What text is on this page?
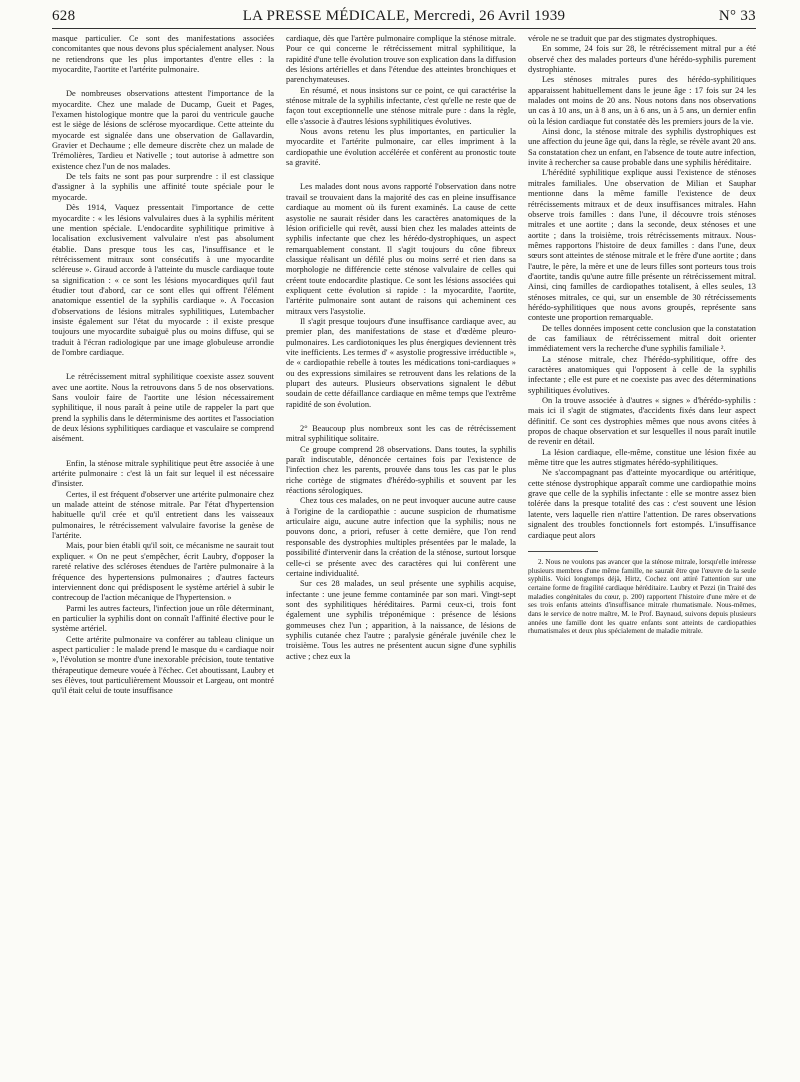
628	LA PRESSE MÉDICALE, Mercredi, 26 Avril 1939	N° 33

masque particulier. Ce sont des manifestations associées concomitantes que nous devons plus spécialement analyser. Nous ne retiendrons que les plus importantes d'entre elles : la myocardite, l'aortite et l'artérite pulmonaire.

De nombreuses observations attestent l'importance de la myocardite. Chez une malade de Ducamp, Gueit et Pages, l'examen histologique montre que la paroi du ventricule gauche est le siège de lésions de sclérose myocardique. Cette atteinte du myocarde est signalée dans une observation de Gallavardin, Gravier et Dechaume ; elle demeure discrète chez un malade de Trémolières, Tardieu et Nativelle ; tout autorise à admettre son existence chez l'un de nos malades.

De tels faits ne sont pas pour surprendre : il est classique d'assigner à la syphilis une affinité toute spéciale pour le myocarde.

Dès 1914, Vaquez pressentait l'importance de cette myocardite : « les lésions valvulaires dues à la syphilis méritent une mention spéciale. L'endocardite syphilitique primitive à localisation exclusivement valvulaire n'est pas absolument établie. Dans presque tous les cas, l'insuffisance et le rétrécissement mitraux sont consécutifs à une myocardite scléreuse ». Giraud accorde à l'atteinte du muscle cardiaque toute sa signification : « ce sont les lésions myocardiques qu'il faut étudier tout d'abord, car ce sont elles qui offrent l'élément anatomique essentiel de la syphilis cardiaque ». A l'occasion d'observations de lésions mitrales syphilitiques, Lutembacher insiste également sur l'état du myocarde : il existe presque toujours une myocardite subaiguë plus ou moins diffuse, qui se traduit à l'écran radiologique par une image globuleuse arrondie de l'ombre cardiaque.

Le rétrécissement mitral syphilitique coexiste assez souvent avec une aortite. Nous la retrouvons dans 5 de nos observations. Sans vouloir faire de l'aortite une lésion nécessairement syphilitique, il nous paraît à peine utile de rappeler la part que prend la syphilis dans le déterminisme des aortites et l'association de deux lésions syphilitiques cardiaque et vasculaire se comprend aisément.

Enfin, la sténose mitrale syphilitique peut être associée à une artérite pulmonaire : c'est là un fait sur lequel il est nécessaire d'insister.

Certes, il est fréquent d'observer une artérite pulmonaire chez un malade atteint de sténose mitrale. Par l'état d'hypertension habituelle qu'il crée et qu'il entretient dans les vaisseaux pulmonaires, le rétrécissement valvulaire favorise la genèse de l'artérite.

Mais, pour bien établi qu'il soit, ce mécanisme ne saurait tout expliquer. « On ne peut s'empêcher, écrit Laubry, d'opposer la rareté relative des scléroses étendues de l'artère pulmonaire à la fréquence des hypertensions pulmonaires ; d'autres facteurs interviennent donc qui prédisposent le système artériel à subir le contrecoup de l'action mécanique de l'hypertension. »

Parmi les autres facteurs, l'infection joue un rôle déterminant, en particulier la syphilis dont on connaît l'affinité élective pour le système artériel.

Cette artérite pulmonaire va conférer au tableau clinique un aspect particulier : le malade prend le masque du « cardiaque noir », l'évolution se montre d'une inexorable précision, toute tentative thérapeutique demeure vouée à l'échec. Cet aboutissant, Laubry et ses élèves, tout particulièrement Moussoir et Largeau, ont montré qu'il était celui de toute insuffisance

cardiaque, dès que l'artère pulmonaire complique la sténose mitrale. Pour ce qui concerne le rétrécissement mitral syphilitique, la rapidité d'une telle évolution trouve son explication dans la diffusion des lésions artérielles et dans l'étendue des atteintes bronchiques et parenchymateuses.

En résumé, et nous insistons sur ce point, ce qui caractérise la sténose mitrale de la syphilis infectante, c'est qu'elle ne reste que de façon tout exceptionnelle une sténose mitrale pure : dans la règle, elle s'associe à d'autres lésions syphilitiques évolutives.

Nous avons retenu les plus importantes, en particulier la myocardite et l'artérite pulmonaire, car elles impriment à la cardiopathie une évolution accélérée et confèrent au pronostic toute sa gravité.

Les malades dont nous avons rapporté l'observation dans notre travail se trouvaient dans la majorité des cas en pleine insuffisance cardiaque au moment où ils furent examinés. La cause de cette asystolie ne saurait résider dans les caractères anatomiques de la lésion orificielle qui revêt, aussi bien chez les malades atteints de syphilis infectante que chez les hérédo-dystrophiques, un aspect remarquablement constant. Il s'agit toujours du cône fibreux classique réalisant un défilé plus ou moins serré et rien dans sa morphologie ne différencie cette sténose valvulaire de celles qui créent toute endocardite plastique. Ce sont les lésions associées qui expliquent cette évolution si rapide : la myocardite, l'aortite, l'artérite pulmonaire sont autant de raisons qui acheminent ces mitraux vers l'asystolie.

Il s'agit presque toujours d'une insuffisance cardiaque avec, au premier plan, des manifestations de stase et d'œdème pleuro-pulmonaires. Les cardiotoniques les plus énergiques deviennent très vite inefficients. Les termes d' « asystolie progressive irréductible », de « cardiopathie rebelle à toutes les médications toni-cardiaques » ou des expressions similaires se retrouvent dans les relations de la plupart des auteurs. Plusieurs observations signalent le début soudain de cette défaillance cardiaque en même temps que l'extrême rapidité de son évolution.

2° Beaucoup plus nombreux sont les cas de rétrécissement mitral syphilitique solitaire.

Ce groupe comprend 28 observations. Dans toutes, la syphilis paraît indiscutable, dénoncée certaines fois par l'existence de l'infection chez les parents, prouvée dans tous les cas par le plus riche cortège de stigmates d'hérédo-syphilis et souvent par les réactions sérologiques.

Chez tous ces malades, on ne peut invoquer aucune autre cause à l'origine de la cardiopathie : aucune suspicion de rhumatisme articulaire aigu, aucune autre infection que la syphilis; nous ne pouvons donc, a priori, refuser à cette dernière, que l'on rend responsable des dystrophies multiples présentées par le malade, la possibilité d'intervenir dans la création de la sténose, surtout lorsque celle-ci se présente avec des caractères qui lui confèrent une certaine individualité.

Sur ces 28 malades, un seul présente une syphilis acquise, infectante : une jeune femme contaminée par son mari. Vingt-sept sont des syphilitiques héréditaires. Parmi ceux-ci, trois font également une syphilis tréponémique : présence de lésions gommeuses chez l'un ; apparition, à la naissance, de lésions de syphilis cutanée chez l'autre ; paralysie générale juvénile chez le troisième. Tous les autres ne présentent aucun signe d'une syphilis active ; chez eux la

vérole ne se traduit que par des stigmates dystrophiques.

En somme, 24 fois sur 28, le rétrécissement mitral pur a été observé chez des malades porteurs d'une hérédo-syphilis purement dystrophiante.

Les sténoses mitrales pures des hérédo-syphilitiques apparaissent habituellement dans le jeune âge : 17 fois sur 24 les malades ont moins de 20 ans. Nous notons dans nos observations un cas à 10 ans, un à 8 ans, un à 6 ans, un à 5 ans, un dernier enfin où la lésion cardiaque fut constatée dès les premiers jours de la vie.

Ainsi donc, la sténose mitrale des syphilis dystrophiques est une affection du jeune âge qui, dans la règle, se révèle avant 20 ans. Sa constatation chez un enfant, en l'absence de toute autre infection, invite à rechercher sa cause probable dans une syphilis héréditaire.

L'hérédité syphilitique explique aussi l'existence de sténoses mitrales familiales. Une observation de Milian et Sauphar mentionne dans la même famille l'existence de deux rétrécissements mitraux et de deux insuffisances mitrales. Hahn observe trois familles : dans l'une, il découvre trois sténoses mitrales et une aortite ; dans la seconde, deux sténoses et une aortite ; dans la troisième, trois rétrécissements mitraux. Nous-mêmes rapportons l'histoire de deux familles : dans l'une, deux sœurs sont atteintes de sténose mitrale et le frère d'une aortite ; dans l'autre, le père, la mère et une de leurs filles sont porteurs tous trois d'aortite, tandis qu'une autre fille présente un rétrécissement mitral. Ainsi, cinq familles de cardiopathes totalisent, à elles seules, 13 sténoses mitrales, ce qui, sur un ensemble de 30 rétrécissements hérédo-syphilitiques que nous avons groupés, représente sans conteste une proportion remarquable.

De telles données imposent cette conclusion que la constatation de cas familiaux de rétrécissement mitral doit orienter immédiatement vers la recherche d'une syphilis familiale ².

La sténose mitrale, chez l'hérédo-syphilitique, offre des caractères anatomiques qui l'opposent à celle de la syphilis infectante ; elle est pure et ne coexiste pas avec des déterminations syphilitiques évolutives.

On la trouve associée à d'autres « signes » d'hérédo-syphilis : mais ici il s'agit de stigmates, d'accidents fixés dans leur aspect définitif. Ce sont ces dystrophies mêmes que nous avons citées à propos de chaque observation et sur lesquelles il nous paraît inutile de revenir en détail.

La lésion cardiaque, elle-même, constitue une lésion fixée au même titre que les autres stigmates hérédo-syphilitiques.

Ne s'accompagnant pas d'atteinte myocardique ou artéritique, cette sténose dystrophique apparaît comme une cardiopathie moins grave que celle de la syphilis infectante : elle se montre assez bien tolérée dans la presque totalité des cas : c'est souvent une lésion latente, vers laquelle rien n'attire l'attention. De rares observations signalent des troubles fonctionnels fort estompés. L'insuffisance cardiaque peut alors

2. Nous ne voulons pas avancer que la sténose mitrale, lorsqu'elle intéresse plusieurs membres d'une même famille, ne saurait être que l'œuvre de la seule syphilis. Voici longtemps déjà, Hirtz, Cochez ont attiré l'attention sur une certaine forme de fragilité cardiaque héréditaire. Laubry et Pezzi (in Traité des maladies congénitales du cœur, p. 200) rapportent l'histoire d'une mère et de ses trois enfants atteints d'insuffisance mitrale rhumatismale. Nous-mêmes, dans le service de notre maître, M. le Prof. Baynaud, suivons depuis plusieurs années une famille dont les quatre enfants sont atteints de cardiopathies rhumatismales et deux plus spécialement de maladie mitrale.
